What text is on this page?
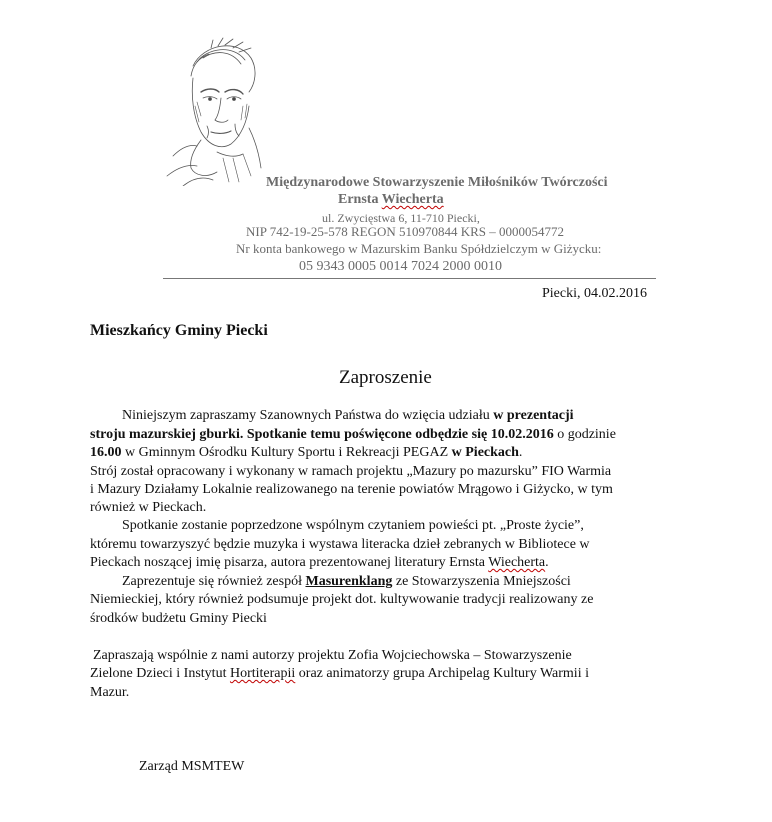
Międzynarodowe Stowarzyszenie Miłośników Twórczości
Ernsta Wiecherta
ul. Zwycięstwa 6, 11-710 Piecki,
NIP 742-19-25-578 REGON 510970844 KRS – 0000054772
Nr konta bankowego w Mazurskim Banku Spółdzielczym w Giżycku:
05 9343 0005 0014 7024 2000 0010
Piecki, 04.02.2016
Mieszkańcy Gminy Piecki
Zaproszenie
Niniejszym zapraszamy Szanownych Państwa do wzięcia udziału w prezentacji
stroju mazurskiej gburki. Spotkanie temu poświęcone odbędzie się 10.02.2016 o godzinie
16.00 w Gminnym Ośrodku Kultury Sportu i Rekreacji PEGAZ w Pieckach.
Strój został opracowany i wykonany w ramach projektu „Mazury po mazursku” FIO Warmia
i Mazury Działamy Lokalnie realizowanego na terenie powiatów Mrągowo i Giżycko, w tym
również w Pieckach.
Spotkanie zostanie poprzedzone wspólnym czytaniem powieści pt. „Proste życie”,
któremu towarzyszyć będzie muzyka i wystawa literacka dzieł zebranych w Bibliotece w
Pieckach noszącej imię pisarza, autora prezentowanej literatury Ernsta Wiecherta.
Zaprezentuje się również zespół Masurenklang ze Stowarzyszenia Mniejszości
Niemieckiej, który również podsumuje projekt dot. kultywowanie tradycji realizowany ze
środków budżetu Gminy Piecki
Zapraszają wspólnie z nami autorzy projektu Zofia Wojciechowska – Stowarzyszenie
Zielone Dzieci i Instytut Hortiterapii oraz animatorzy grupa Archipelag Kultury Warmii i
Mazur.
Zarząd MSMTEW
